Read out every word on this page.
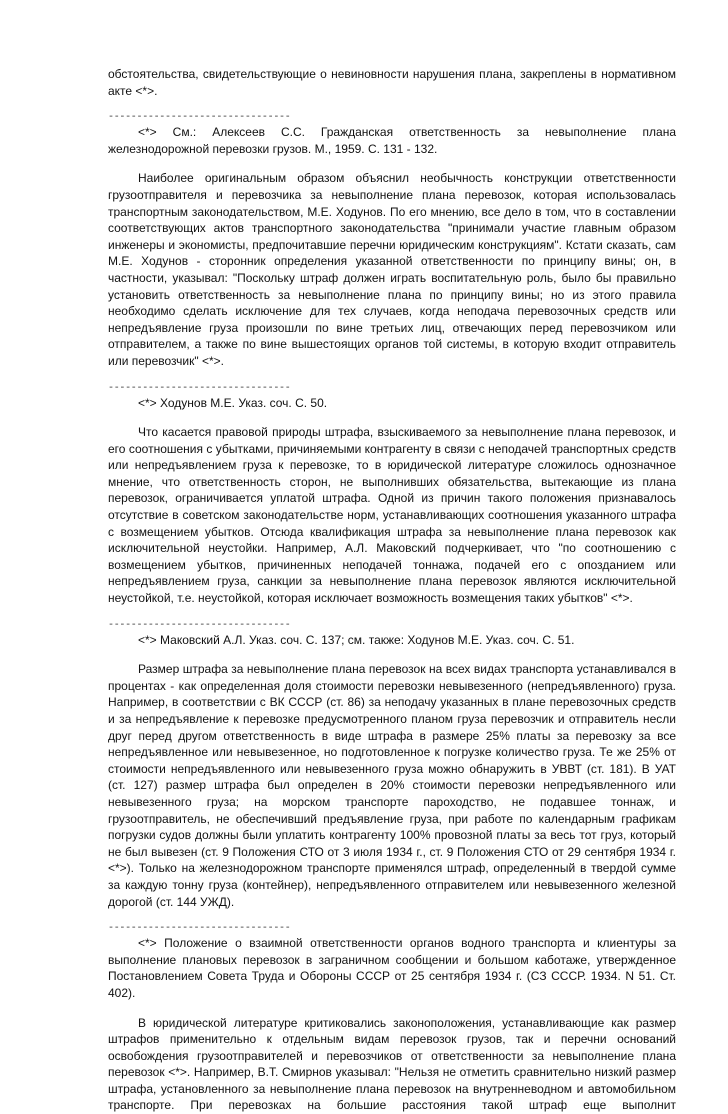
обстоятельства, свидетельствующие о невиновности нарушения плана, закреплены в нормативном акте <*>.

--------------------------------

<*> См.: Алексеев С.С. Гражданская ответственность за невыполнение плана железнодорожной перевозки грузов. М., 1959. С. 131 - 132.

Наиболее оригинальным образом объяснил необычность конструкции ответственности грузоотправителя и перевозчика за невыполнение плана перевозок, которая использовалась транспортным законодательством, М.Е. Ходунов. По его мнению, все дело в том, что в составлении соответствующих актов транспортного законодательства "принимали участие главным образом инженеры и экономисты, предпочитавшие перечни юридическим конструкциям". Кстати сказать, сам М.Е. Ходунов - сторонник определения указанной ответственности по принципу вины; он, в частности, указывал: "Поскольку штраф должен играть воспитательную роль, было бы правильно установить ответственность за невыполнение плана по принципу вины; но из этого правила необходимо сделать исключение для тех случаев, когда неподача перевозочных средств или непредъявление груза произошли по вине третьих лиц, отвечающих перед перевозчиком или отправителем, а также по вине вышестоящих органов той системы, в которую входит отправитель или перевозчик" <*>.

--------------------------------

<*> Ходунов М.Е. Указ. соч. С. 50.

Что касается правовой природы штрафа, взыскиваемого за невыполнение плана перевозок, и его соотношения с убытками, причиняемыми контрагенту в связи с неподачей транспортных средств или непредъявлением груза к перевозке, то в юридической литературе сложилось однозначное мнение, что ответственность сторон, не выполнивших обязательства, вытекающие из плана перевозок, ограничивается уплатой штрафа. Одной из причин такого положения признавалось отсутствие в советском законодательстве норм, устанавливающих соотношения указанного штрафа с возмещением убытков. Отсюда квалификация штрафа за невыполнение плана перевозок как исключительной неустойки. Например, А.Л. Маковский подчеркивает, что "по соотношению с возмещением убытков, причиненных неподачей тоннажа, подачей его с опозданием или непредъявлением груза, санкции за невыполнение плана перевозок являются исключительной неустойкой, т.е. неустойкой, которая исключает возможность возмещения таких убытков" <*>.

--------------------------------

<*> Маковский А.Л. Указ. соч. С. 137; см. также: Ходунов М.Е. Указ. соч. С. 51.

Размер штрафа за невыполнение плана перевозок на всех видах транспорта устанавливался в процентах - как определенная доля стоимости перевозки невывезенного (непредъявленного) груза. Например, в соответствии с ВК СССР (ст. 86) за неподачу указанных в плане перевозочных средств и за непредъявление к перевозке предусмотренного планом груза перевозчик и отправитель несли друг перед другом ответственность в виде штрафа в размере 25% платы за перевозку за все непредъявленное или невывезенное, но подготовленное к погрузке количество груза. Те же 25% от стоимости непредъявленного или невывезенного груза можно обнаружить в УВВТ (ст. 181). В УАТ (ст. 127) размер штрафа был определен в 20% стоимости перевозки непредъявленного или невывезенного груза; на морском транспорте пароходство, не подавшее тоннаж, и грузоотправитель, не обеспечивший предъявление груза, при работе по календарным графикам погрузки судов должны были уплатить контрагенту 100% провозной платы за весь тот груз, который не был вывезен (ст. 9 Положения СТО от 3 июля 1934 г., ст. 9 Положения СТО от 29 сентября 1934 г. <*>). Только на железнодорожном транспорте применялся штраф, определенный в твердой сумме за каждую тонну груза (контейнер), непредъявленного отправителем или невывезенного железной дорогой (ст. 144 УЖД).

--------------------------------

<*> Положение о взаимной ответственности органов водного транспорта и клиентуры за выполнение плановых перевозок в заграничном сообщении и большом каботаже, утвержденное Постановлением Совета Труда и Обороны СССР от 25 сентября 1934 г. (СЗ СССР. 1934. N 51. Ст. 402).

В юридической литературе критиковались законоположения, устанавливающие как размер штрафов применительно к отдельным видам перевозок грузов, так и перечни оснований освобождения грузоотправителей и перевозчиков от ответственности за невыполнение плана перевозок <*>. Например, В.Т. Смирнов указывал: "Нельзя не отметить сравнительно низкий размер штрафа, установленного за невыполнение плана перевозок на внутренневодном и автомобильном транспорте. При перевозках на большие расстояния такой штраф еще выполнит
